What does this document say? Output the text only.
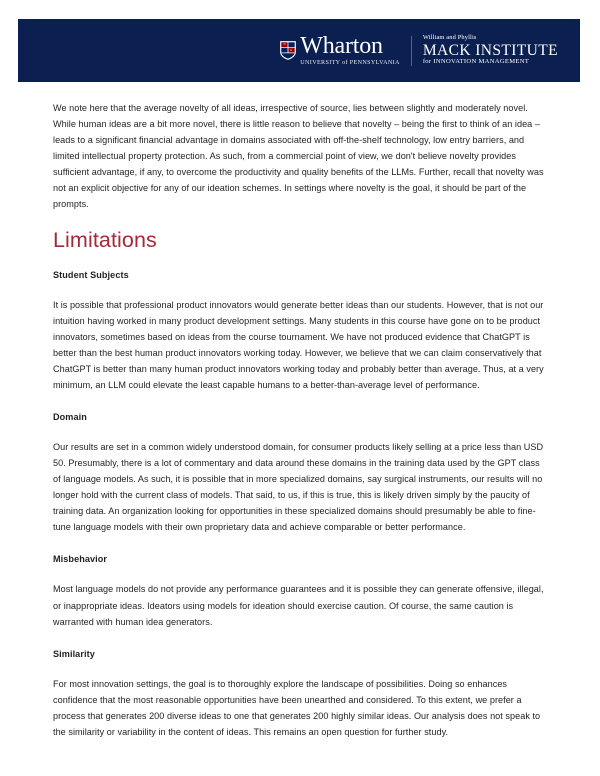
Wharton
UNIVERSITY of PENNSYLVANIA
William and Phyllis
MACK INSTITUTE
for INNOVATION MANAGEMENT

We note here that the average novelty of all ideas, irrespective of source, lies between slightly and moderately novel. While human ideas are a bit more novel, there is little reason to believe that novelty – being the first to think of an idea – leads to a significant financial advantage in domains associated with off-the-shelf technology, low entry barriers, and limited intellectual property protection. As such, from a commercial point of view, we don't believe novelty provides sufficient advantage, if any, to overcome the productivity and quality benefits of the LLMs. Further, recall that novelty was not an explicit objective for any of our ideation schemes. In settings where novelty is the goal, it should be part of the prompts.

Limitations
Student Subjects

It is possible that professional product innovators would generate better ideas than our students. However, that is not our intuition having worked in many product development settings. Many students in this course have gone on to be product innovators, sometimes based on ideas from the course tournament. We have not produced evidence that ChatGPT is better than the best human product innovators working today. However, we believe that we can claim conservatively that ChatGPT is better than many human product innovators working today and probably better than average. Thus, at a very minimum, an LLM could elevate the least capable humans to a better-than-average level of performance.

Domain

Our results are set in a common widely understood domain, for consumer products likely selling at a price less than USD 50. Presumably, there is a lot of commentary and data around these domains in the training data used by the GPT class of language models. As such, it is possible that in more specialized domains, say surgical instruments, our results will no longer hold with the current class of models. That said, to us, if this is true, this is likely driven simply by the paucity of training data. An organization looking for opportunities in these specialized domains should presumably be able to fine-tune language models with their own proprietary data and achieve comparable or better performance.

Misbehavior

Most language models do not provide any performance guarantees and it is possible they can generate offensive, illegal, or inappropriate ideas. Ideators using models for ideation should exercise caution. Of course, the same caution is warranted with human idea generators.

Similarity

For most innovation settings, the goal is to thoroughly explore the landscape of possibilities. Doing so enhances confidence that the most reasonable opportunities have been unearthed and considered. To this extent, we prefer a process that generates 200 diverse ideas to one that generates 200 highly similar ideas. Our analysis does not speak to the similarity or variability in the content of ideas. This remains an open question for further study.
